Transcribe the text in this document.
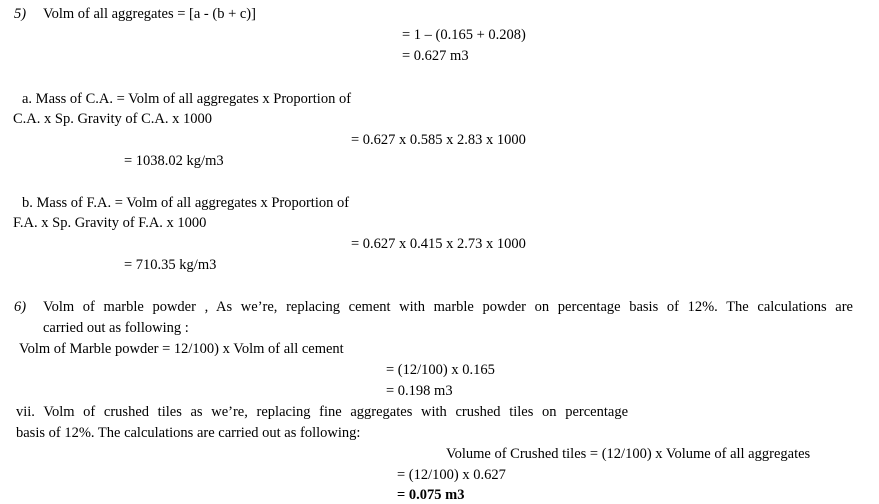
5) Volm of all aggregates = [a - (b + c)]
= 1 – (0.165 + 0.208)
= 0.627 m3
a. Mass of C.A. = Volm of all aggregates x Proportion of
C.A. x Sp. Gravity of C.A. x 1000
= 0.627 x 0.585 x 2.83 x 1000
= 1038.02 kg/m3
b. Mass of F.A. = Volm of all aggregates x Proportion of
F.A. x Sp. Gravity of F.A. x 1000
= 0.627 x 0.415 x 2.73 x 1000
= 710.35 kg/m3
6) Volm of marble powder , As we’re, replacing cement with marble powder on percentage basis of 12%. The calculations are
carried out as following :
Volm of Marble powder = 12/100) x Volm of all cement
= (12/100) x 0.165
= 0.198 m3
vii. Volm of crushed tiles as we’re, replacing fine aggregates with crushed tiles on percentage
basis of 12%. The calculations are carried out as following:
Volume of Crushed tiles = (12/100) x Volume of all aggregates
= (12/100) x 0.627
= 0.075 m3
